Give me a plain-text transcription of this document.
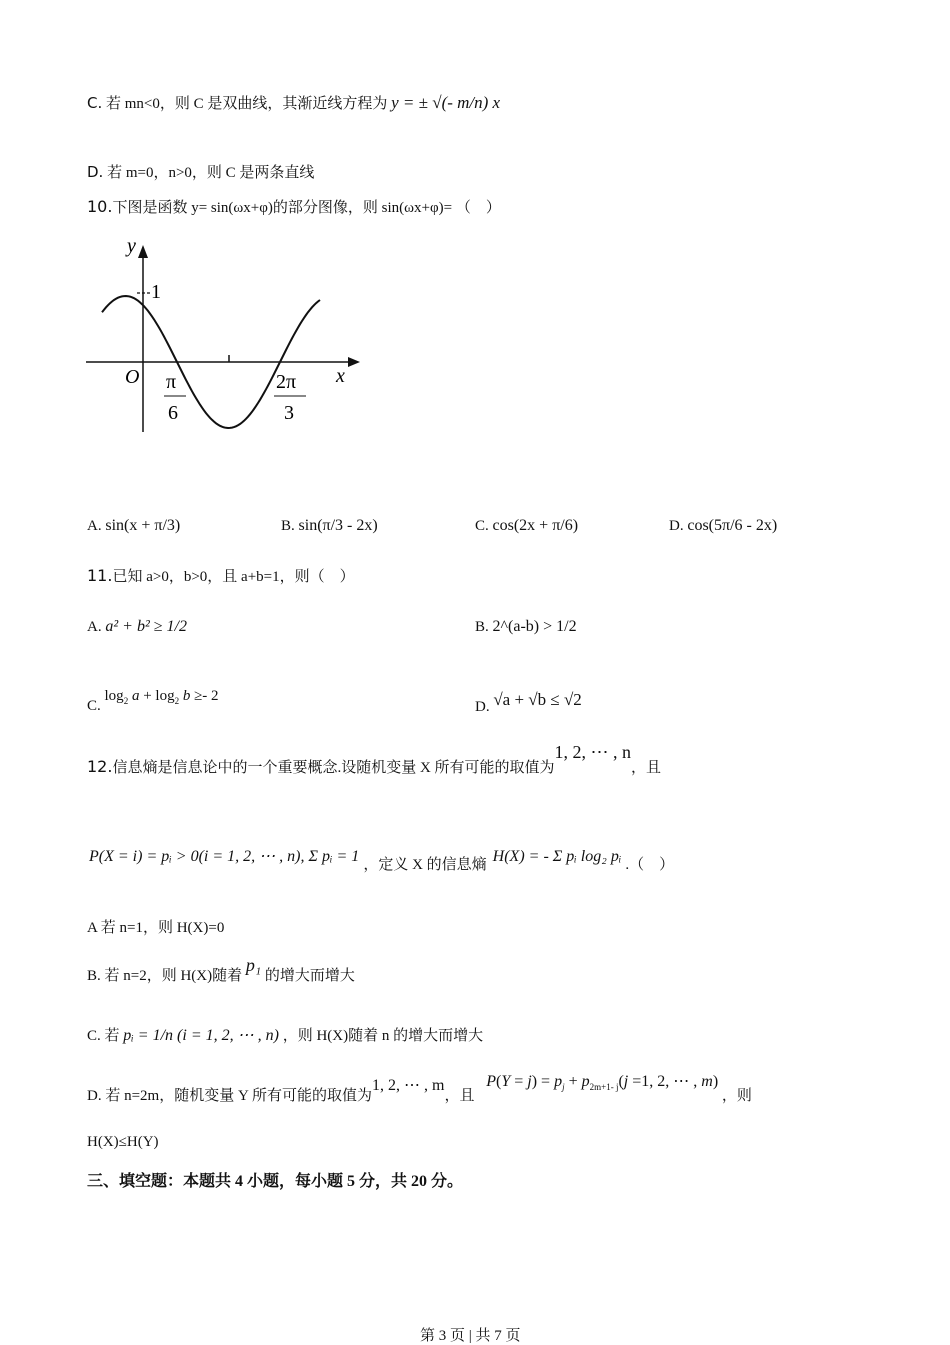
C. 若 mn<0，则 C 是双曲线，其渐近线方程为 y = ± √(- m/n) x
D. 若 m=0，n>0，则 C 是两条直线
10.下图是函数 y= sin(ωx+φ)的部分图像，则 sin(ωx+φ)= （　）
y
x
O
1
π
6
2π
3
A. sin(x + π/3)	B. sin(π/3 - 2x)	C. cos(2x + π/6)	D. cos(5π/6 - 2x)
11.已知 a>0，b>0，且 a+b=1，则（　）
A. a² + b² ≥ 1/2	B. 2^(a-b) > 1/2
C. $\log_2 a + \log_2 b \ge- 2$
D. √a + √b ≤ √2
12.信息熵是信息论中的一个重要概念.设随机变量 X 所有可能的取值为1, 2, ⋯ , n，且
P(X = i) = pᵢ > 0(i = 1, 2, ⋯ , n), Σ pᵢ = 1 ，定义 X 的信息熵 H(X) = - Σ pᵢ log₂ pᵢ .（　）
A 若 n=1，则 H(X)=0
B. 若 n=2，则 H(X)随着 p₁ 的增大而增大
C. 若 pᵢ = 1/n (i = 1, 2, ⋯ , n) ，则 H(X)随着 n 的增大而增大
D. 若 n=2m，随机变量 Y 所有可能的取值为1, 2, ⋯ , m，且 $P(Y = j) = p_j + p_{2m+1- j}(j =1$, 2, ⋯ , m) ，则
H(X)≤H(Y)
三、填空题：本题共 4 小题，每小题 5 分，共 20 分。
第 3 页 | 共 7 页
